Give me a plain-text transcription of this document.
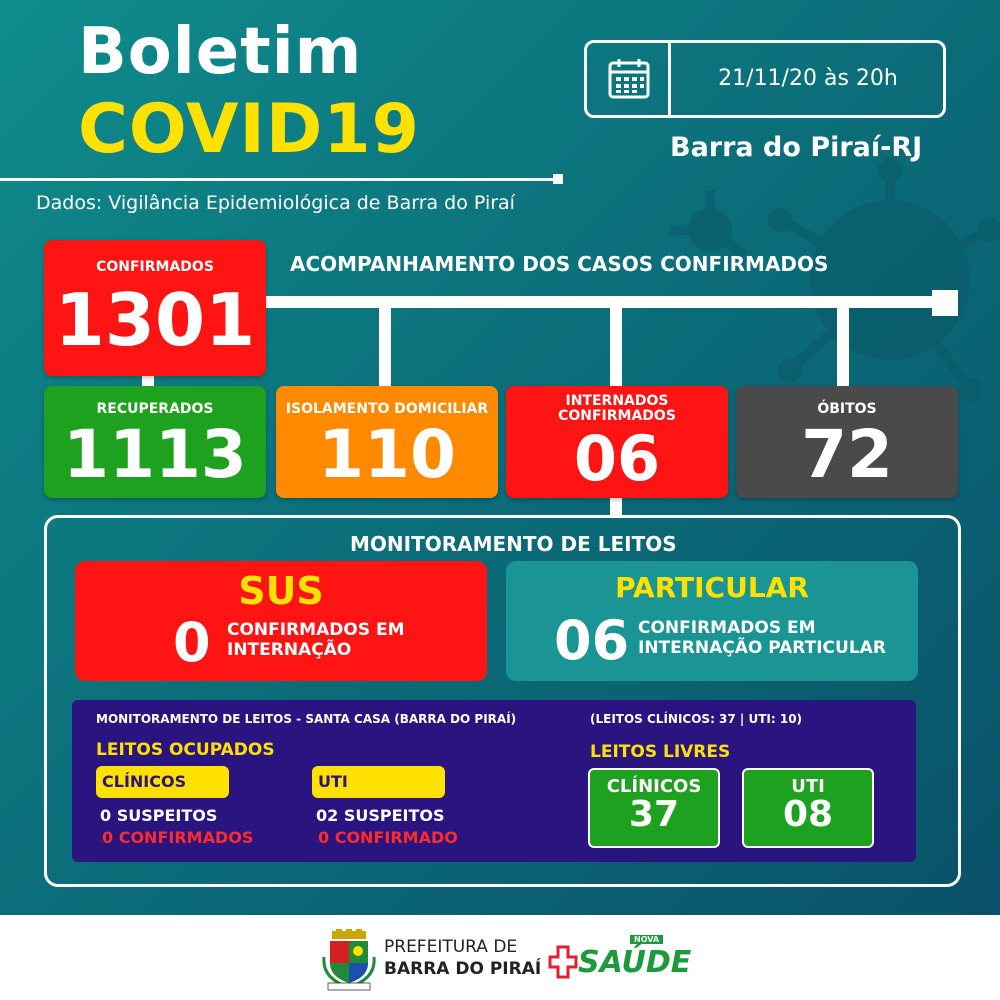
Boletim
COVID19
Dados: Vigilância Epidemiológica de Barra do Piraí
21/11/20 às 20h
Barra do Piraí-RJ
ACOMPANHAMENTO DOS CASOS CONFIRMADOS
CONFIRMADOS
1301
RECUPERADOS
1113
ISOLAMENTO DOMICILIAR
110
INTERNADOS
CONFIRMADOS
06
ÓBITOS
72
MONITORAMENTO DE LEITOS
SUS
0 CONFIRMADOS EM
INTERNAÇÃO
PARTICULAR
06 CONFIRMADOS EM
INTERNAÇÃO PARTICULAR
MONITORAMENTO DE LEITOS - SANTA CASA (BARRA DO PIRAÍ)	(LEITOS CLÍNICOS: 37 | UTI: 10)
LEITOS OCUPADOS
CLÍNICOS
0 SUSPEITOS
0 CONFIRMADOS
UTI
02 SUSPEITOS
0 CONFIRMADO
LEITOS LIVRES
CLÍNICOS
37
UTI
08
PREFEITURA DE
BARRA DO PIRAÍ
NOVA
SAÚDE
